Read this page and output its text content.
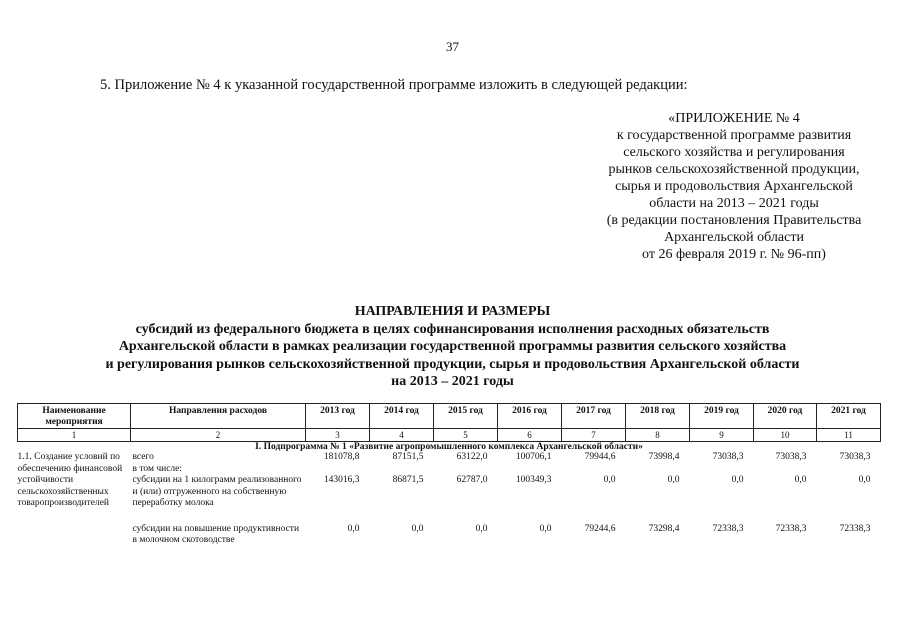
37
5. Приложение № 4 к указанной государственной программе изложить в следующей редакции:
«ПРИЛОЖЕНИЕ № 4
к государственной программе развития
сельского хозяйства и регулирования
рынков сельскохозяйственной продукции,
сырья и продовольствия Архангельской
области на 2013 – 2021 годы
(в редакции постановления Правительства
Архангельской области
от 26 февраля 2019 г. № 96-пп)
НАПРАВЛЕНИЯ И РАЗМЕРЫ
субсидий из федерального бюджета в целях софинансирования исполнения расходных обязательств
Архангельской области в рамках реализации государственной программы развития сельского хозяйства
и регулирования рынков сельскохозяйственной продукции, сырья и продовольствия Архангельской области
на 2013 – 2021 годы
Наименование мероприятия	Направления расходов	2013 год	2014 год	2015 год	2016 год	2017 год	2018 год	2019 год	2020 год	2021 год
1	2	3	4	5	6	7	8	9	10	11
I. Подпрограмма № 1 «Развитие агропромышленного комплекса Архангельской области»										
1.1. Создание условий по обеспечению финансовой устойчивости сельскохозяйственных товаропроизводителей	всего	181078,8	87151,5	63122,0	100706,1	79944,6	73998,4	73038,3	73038,3	73038,3
	в том числе:									
	субсидии на 1 килограмм реализованного и (или) отгруженного на собственную переработку молока	143016,3	86871,5	62787,0	100349,3	0,0	0,0	0,0	0,0	0,0
	субсидии на повышение продуктивности в молочном скотоводстве	0,0	0,0	0,0	0,0	79244,6	73298,4	72338,3	72338,3	72338,3
